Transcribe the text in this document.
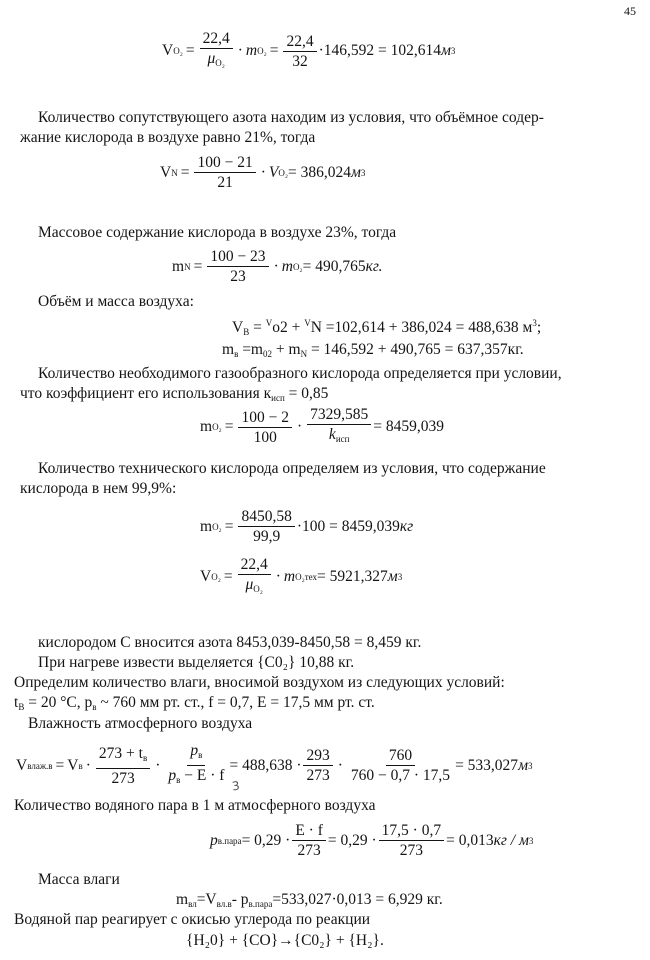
45
V $O_2 = \frac{22,4}{\mu_{O_2}} \cdot m$ $O_2 = \frac{22,4}{32} \cdot 146,592 = 102,614$ м 3
Количество сопутствующего азота находим из условия, что объёмное содер-
жание кислорода в воздухе равно 21%, тогда
V $N = \frac{100 - 21}{21} \cdot V$ O₂ = 386,024 м 3
Массовое содержание кислорода в воздухе 23%, тогда
m $N = \frac{100 - 23}{23} \cdot m$ O₂ = 490,765 кг.
Объём и масса воздуха:
$V_В = ^Vo2 + ^VN =102,614 + 386,024 = 488,638$ $м^3$;
$m_в =m_{02} + m_N = 146,592 + 490,765 = 637,357кг$.
Количество необходимого газообразного кислорода определяется при условии,
что коэффициент его использования $к_{исп} = 0,85$
m $O_2 = \frac{100 - 2}{100} \cdot \frac{7329,585}{k_{исп}} = 8459,039$
Количество технического кислорода определяем из условия, что содержание
кислорода в нем 99,9%:
m $O_2 = \frac{8450,58}{99,9} \cdot 100 = 8459,039$ кг
V $O_2 = \frac{22,4}{\mu_{O_2}} \cdot m$ O₂тех = 5921,327 м 3
кислородом С вносится азота 8453,039-8450,58 = 8,459 кг.
При нагреве извести выделяется {С0₂} 10,88 кг.
Определим количество влаги, вносимой воздухом из следующих условий:
$t_В = 20$ °С, $р_в$ ~ 760 мм рт. ст., f = 0,7, Е = 17,5 мм рт. ст.
Влажность атмосферного воздуха
V влаж.в = V $в \cdot \frac{273 + t_в}{273} \cdot \frac{p_в}{p_в - E \cdot f} = 488,638 \cdot \frac{293}{273} \cdot \frac{760}{760 - 0,7 \cdot 17,5} = 533,027$ м 3
Количество водяного пара в 1 м атмосферного воздуха
3
p в.пара = $0,29 \cdot \frac{E \cdot f}{273} = 0,29 \cdot \frac{17,5 \cdot 0,7}{273} = 0,013$ кг / м 3
Масса влаги
$m_{вл}=V_{вл.в}-$ $р_{в.пара}=533,027\cdot 0,013 = 6,929$ кг.
Водяной пар реагирует с окисью углерода по реакции
{H₂0} + {CO}→{C0₂} + {H₂}.
